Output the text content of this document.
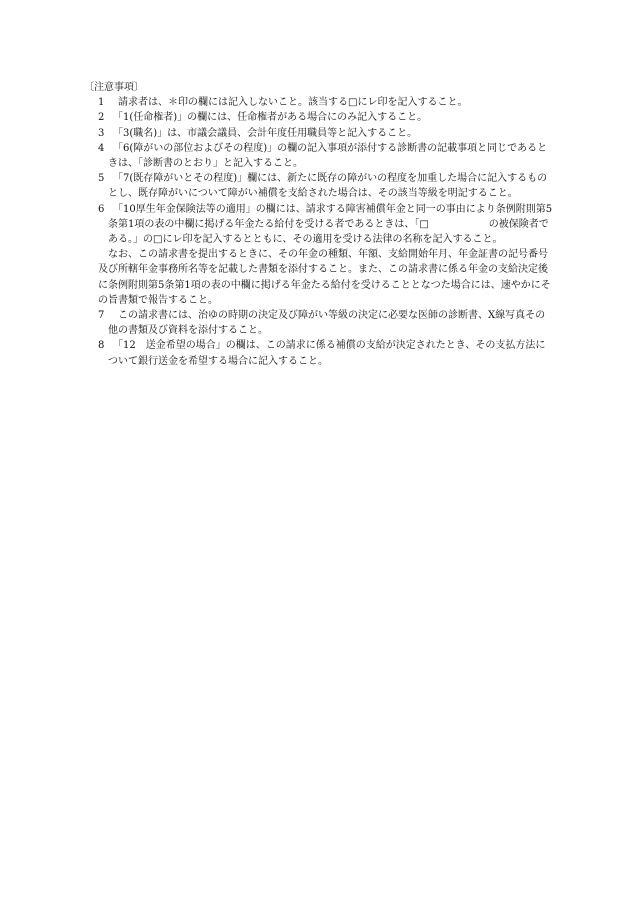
〔注意事項〕

1　 請求者は、＊印の欄には記入しないこと。該当する□にレ印を記入すること。

2　 「1(任命権者)」の欄には、任命権者がある場合にのみ記入すること。

3　 「3(職名)」は、市議会議員、会計年度任用職員等と記入すること。

4　 「6(障がいの部位およびその程度)」の欄の記入事項が添付する診断書の記載事項と同じであるときは、「診断書のとおり」と記入すること。

5　 「7(既存障がいとその程度)」欄には、新たに既存の障がいの程度を加重した場合に記入するものとし、既存障がいについて障がい補償を支給された場合は、その該当等級を明記すること。

6　 「10厚生年金保険法等の適用」の欄には、請求する障害補償年金と同一の事由により条例附則第5条第1項の表の中欄に掲げる年金たる給付を受ける者であるときは、「□　　　　　　の被保険者である。」の□にレ印を記入するとともに、その適用を受ける法律の名称を記入すること。

なお、この請求書を提出するときに、その年金の種類、年額、支給開始年月、年金証書の記号番号及び所轄年金事務所名等を記載した書類を添付すること。また、この請求書に係る年金の支給決定後に条例附則第5条第1項の表の中欄に掲げる年金たる給付を受けることとなつた場合には、速やかにその旨書類で報告すること。

7　 この請求書には、治ゆの時期の決定及び障がい等級の決定に必要な医師の診断書、X線写真その他の書類及び資料を添付すること。

8　 「12　送金希望の場合」の欄は、この請求に係る補償の支給が決定されたとき、その支払方法について銀行送金を希望する場合に記入すること。
